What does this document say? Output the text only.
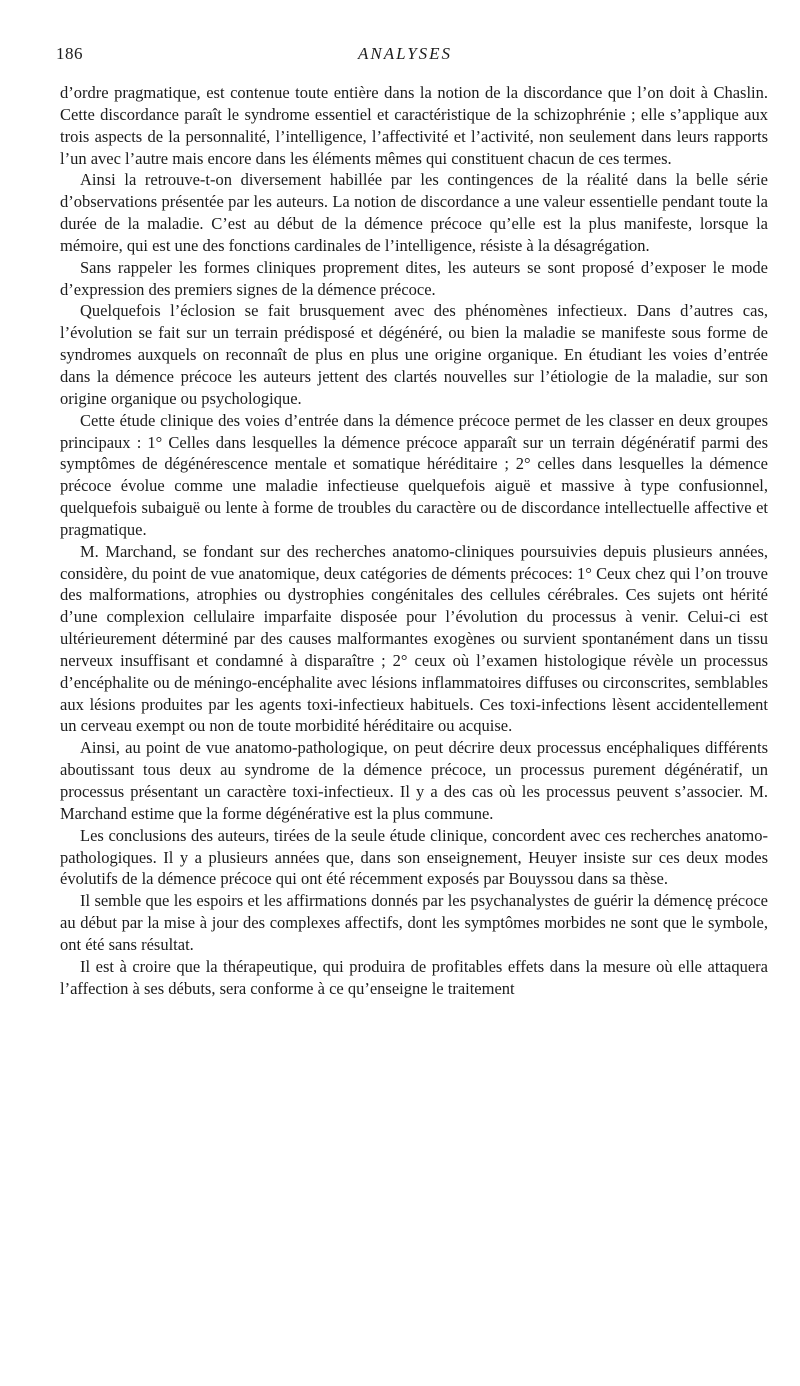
186	ANALYSES

d’ordre pragmatique, est contenue toute entière dans la notion de la discordance que l’on doit à Chaslin. Cette discordance paraît le syndrome essentiel et caractéristique de la schizophrénie ; elle s’applique aux trois aspects de la personnalité, l’intelligence, l’affectivité et l’activité, non seulement dans leurs rapports l’un avec l’autre mais encore dans les éléments mêmes qui constituent chacun de ces termes.

Ainsi la retrouve-t-on diversement habillée par les contingences de la réalité dans la belle série d’observations présentée par les auteurs. La notion de discordance a une valeur essentielle pendant toute la durée de la maladie. C’est au début de la démence précoce qu’elle est la plus manifeste, lorsque la mémoire, qui est une des fonctions cardinales de l’intelligence, résiste à la désagrégation.

Sans rappeler les formes cliniques proprement dites, les auteurs se sont proposé d’exposer le mode d’expression des premiers signes de la démence précoce.

Quelquefois l’éclosion se fait brusquement avec des phénomènes infectieux. Dans d’autres cas, l’évolution se fait sur un terrain prédisposé et dégénéré, ou bien la maladie se manifeste sous forme de syndromes auxquels on reconnaît de plus en plus une origine organique. En étudiant les voies d’entrée dans la démence précoce les auteurs jettent des clartés nouvelles sur l’étiologie de la maladie, sur son origine organique ou psychologique.

Cette étude clinique des voies d’entrée dans la démence précoce permet de les classer en deux groupes principaux : 1° Celles dans lesquelles la démence précoce apparaît sur un terrain dégénératif parmi des symptômes de dégénérescence mentale et somatique héréditaire ; 2° celles dans lesquelles la démence précoce évolue comme une maladie infectieuse quelquefois aiguë et massive à type confusionnel, quelquefois subaiguë ou lente à forme de troubles du caractère ou de discordance intellectuelle affective et pragmatique.

M. Marchand, se fondant sur des recherches anatomo-cliniques poursuivies depuis plusieurs années, considère, du point de vue anatomique, deux catégories de déments précoces: 1° Ceux chez qui l’on trouve des malformations, atrophies ou dystrophies congénitales des cellules cérébrales. Ces sujets ont hérité d’une complexion cellulaire imparfaite disposée pour l’évolution du processus à venir. Celui-ci est ultérieurement déterminé par des causes malformantes exogènes ou survient spontanément dans un tissu nerveux insuffisant et condamné à disparaître ; 2° ceux où l’examen histologique révèle un processus d’encéphalite ou de méningo-encéphalite avec lésions inflammatoires diffuses ou circonscrites, semblables aux lésions produites par les agents toxi-infectieux habituels. Ces toxi-infections lèsent accidentellement un cerveau exempt ou non de toute morbidité héréditaire ou acquise.

Ainsi, au point de vue anatomo-pathologique, on peut décrire deux processus encéphaliques différents aboutissant tous deux au syndrome de la démence précoce, un processus purement dégénératif, un processus présentant un caractère toxi-infectieux. Il y a des cas où les processus peuvent s’associer. M. Marchand estime que la forme dégénérative est la plus commune.

Les conclusions des auteurs, tirées de la seule étude clinique, concordent avec ces recherches anatomo-pathologiques. Il y a plusieurs années que, dans son enseignement, Heuyer insiste sur ces deux modes évolutifs de la démence précoce qui ont été récemment exposés par Bouyssou dans sa thèse.

Il semble que les espoirs et les affirmations donnés par les psychanalystes de guérir la démencę précoce au début par la mise à jour des complexes affectifs, dont les symptômes morbides ne sont que le symbole, ont été sans résultat.

Il est à croire que la thérapeutique, qui produira de profitables effets dans la mesure où elle attaquera l’affection à ses débuts, sera conforme à ce qu’enseigne le traitement
